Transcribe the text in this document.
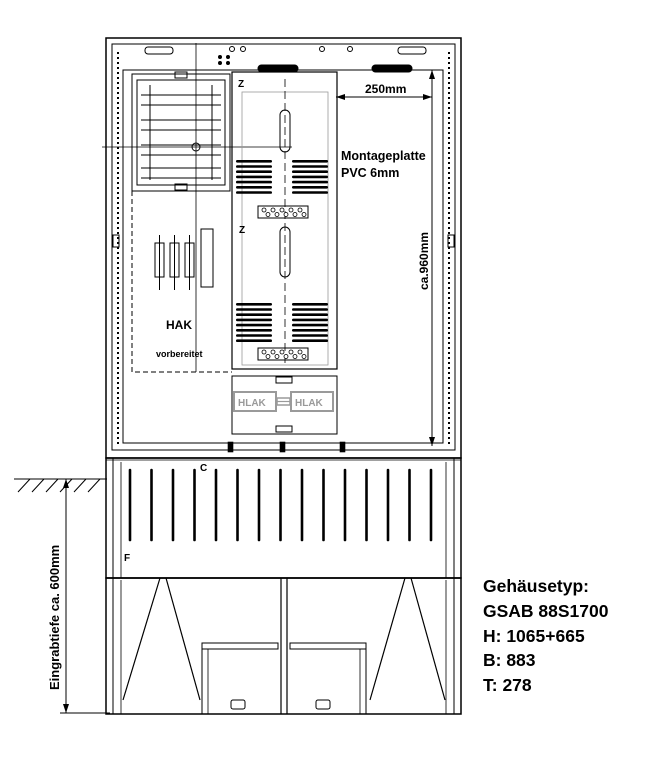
Eingrabtiefe ca. 600mm
Z
Z
Montageplatte
PVC 6mm
HAK
vorbereitet
HLAK	HLAK
C
F
250mm
ca.960mm
Gehäusetyp:
GSAB 88S1700
H: 1065+665
B: 883
T: 278
